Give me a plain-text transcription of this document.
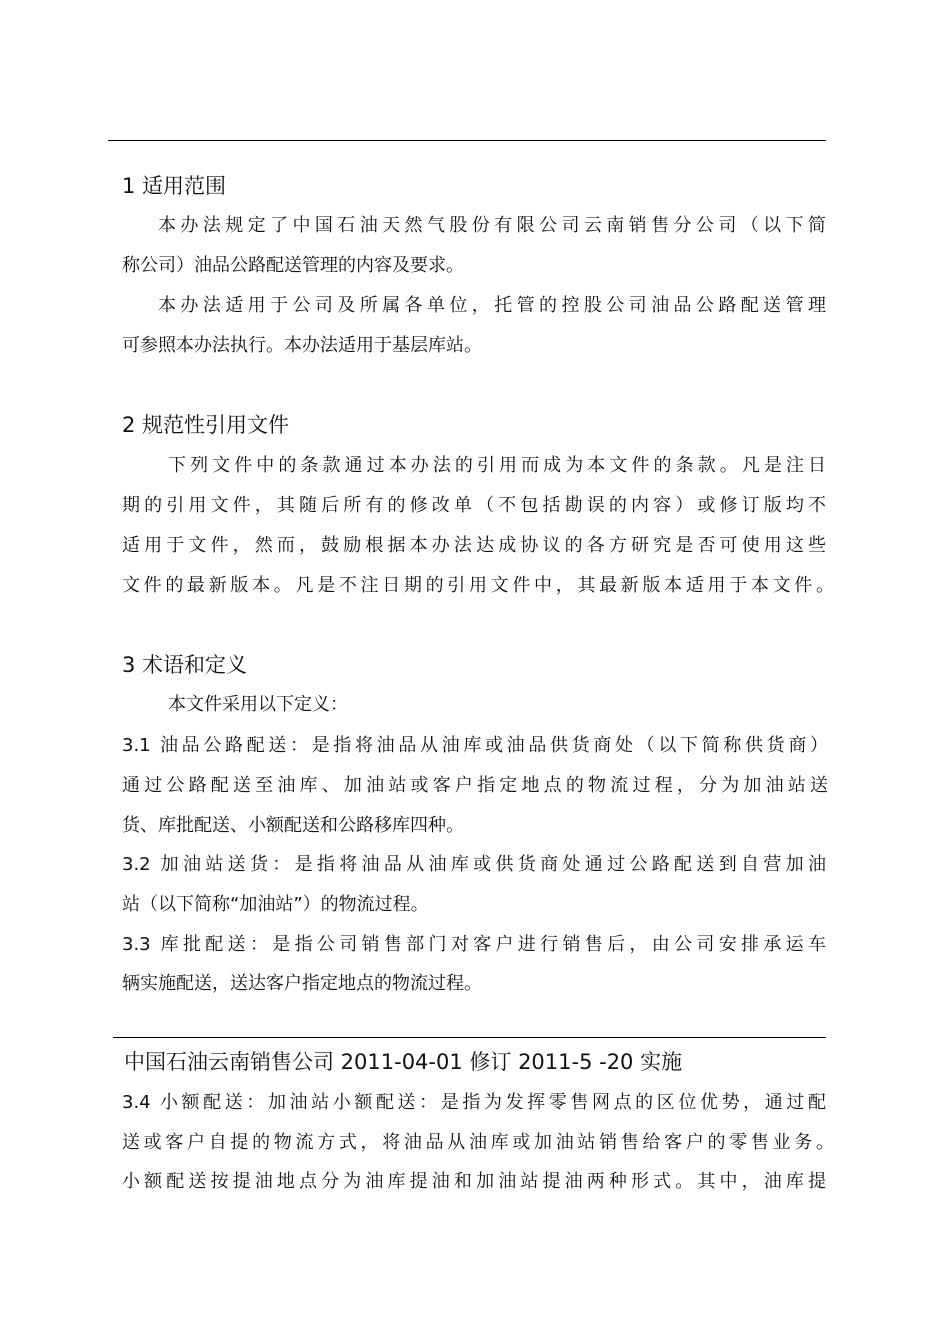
1 适用范围
本办法规定了中国石油天然气股份有限公司云南销售分公司（以下简
称公司）油品公路配送管理的内容及要求。
本办法适用于公司及所属各单位，托管的控股公司油品公路配送管理
可参照本办法执行。本办法适用于基层库站。
2 规范性引用文件
下列文件中的条款通过本办法的引用而成为本文件的条款。凡是注日
期的引用文件，其随后所有的修改单（不包括勘误的内容）或修订版均不
适用于文件，然而，鼓励根据本办法达成协议的各方研究是否可使用这些
文件的最新版本。凡是不注日期的引用文件中，其最新版本适用于本文件。
3 术语和定义
本文件采用以下定义：
3.1 油品公路配送：是指将油品从油库或油品供货商处（以下简称供货商）
通过公路配送至油库、加油站或客户指定地点的物流过程，分为加油站送
货、库批配送、小额配送和公路移库四种。
3.2 加油站送货：是指将油品从油库或供货商处通过公路配送到自营加油
站（以下简称“加油站”）的物流过程。
3.3 库批配送：是指公司销售部门对客户进行销售后，由公司安排承运车
辆实施配送，送达客户指定地点的物流过程。
中国石油云南销售公司 2011-04-01 修订 2011-5 -20 实施
3.4 小额配送：加油站小额配送：是指为发挥零售网点的区位优势，通过配
送或客户自提的物流方式，将油品从油库或加油站销售给客户的零售业务。
小额配送按提油地点分为油库提油和加油站提油两种形式。其中，油库提
